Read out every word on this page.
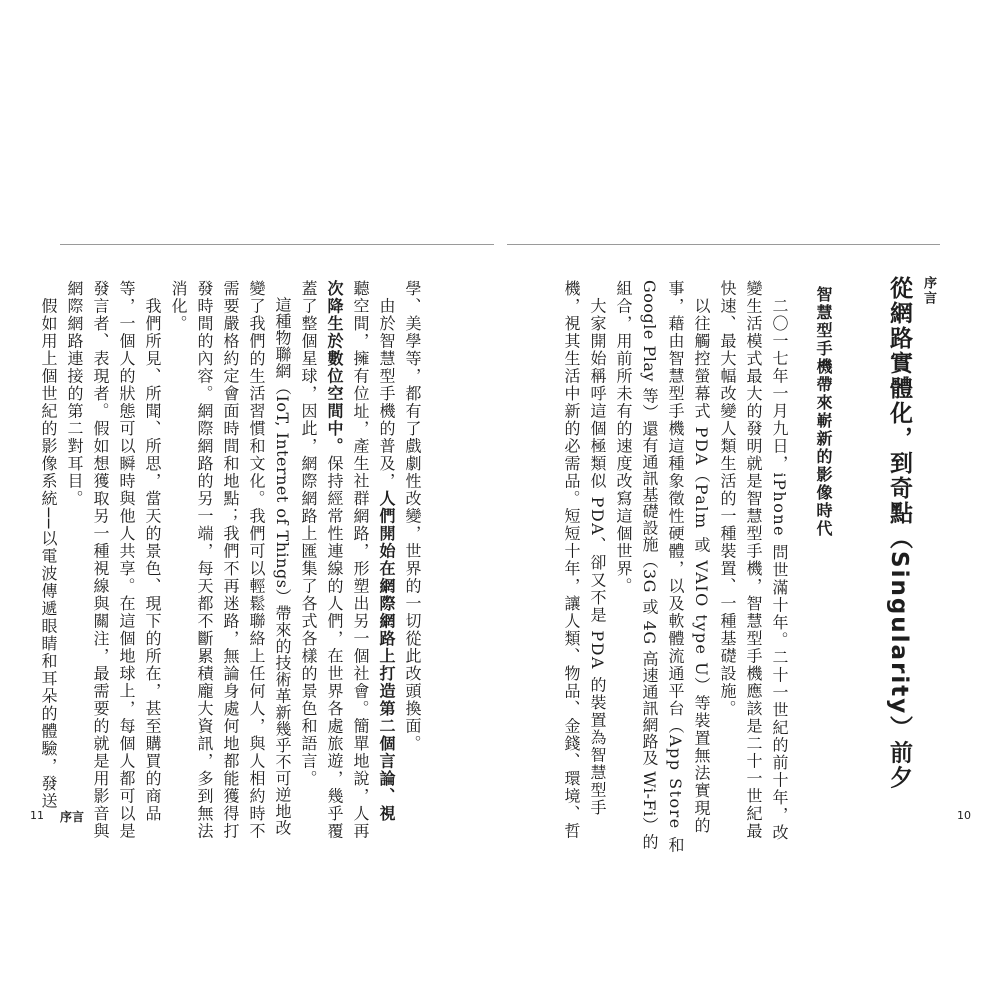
序言
從網路實體化，到奇點（Singularity）前夕
智慧型手機帶來嶄新的影像時代
　二〇一七年一月九日，iPhone 問世滿十年。二十一世紀的前十年，改
變生活模式最大的發明就是智慧型手機，智慧型手機應該是二十一世紀最
快速、最大幅改變人類生活的一種裝置、一種基礎設施。
　以往觸控螢幕式 PDA（Palm 或 VAIO type U）等裝置無法實現的
事，藉由智慧型手機這種象徵性硬體，以及軟體流通平台（App Store 和
Google Play 等）還有通訊基礎設施（3G 或 4G 高速通訊網路及 Wi-Fi）的
組合，用前所未有的速度改寫這個世界。
　大家開始稱呼這個極類似 PDA、卻又不是 PDA 的裝置為智慧型手
機，視其生活中新的必需品。短短十年，讓人類、物品、金錢、環境、哲
學、美學等，都有了戲劇性改變，世界的一切從此改頭換面。
　由於智慧型手機的普及，人們開始在網際網路上打造第二個言論、視
聽空間，擁有位址，產生社群網路，形塑出另一個社會。簡單地說，人再
次降生於數位空間中。保持經常性連線的人們，在世界各處旅遊，幾乎覆
蓋了整個星球，因此，網際網路上匯集了各式各樣的景色和語言。
　這種物聯網（IoT, Internet of Things）帶來的技術革新幾乎不可逆地改
變了我們的生活習慣和文化。我們可以輕鬆聯絡上任何人，與人相約時不
需要嚴格約定會面時間和地點；我們不再迷路，無論身處何地都能獲得打
發時間的內容。網際網路的另一端，每天都不斷累積龐大資訊，多到無法
消化。
　我們所見、所聞、所思，當天的景色、現下的所在，甚至購買的商品
等，一個人的狀態可以瞬時與他人共享。在這個地球上，每個人都可以是
發言者、表現者。假如想獲取另一種視線與關注，最需要的就是用影音與
網際網路連接的第二對耳目。
　假如用上個世紀的影像系統──以電波傳遞眼睛和耳朵的體驗，發送
11 序言	10
